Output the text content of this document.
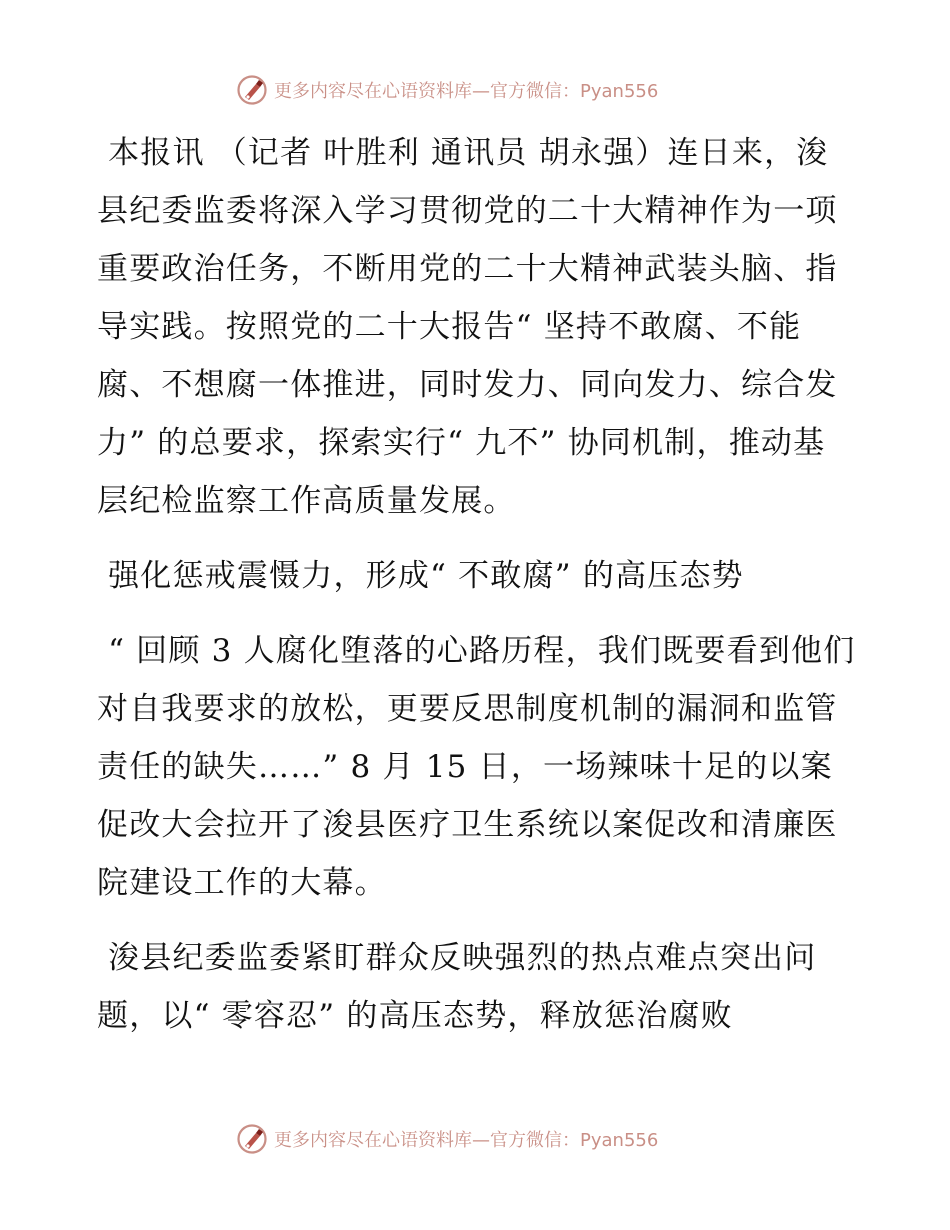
更多内容尽在心语资料库—官方微信：Pyan556

本报讯 （记者 叶胜利 通讯员 胡永强）连日来，浚县纪委监委将深入学习贯彻党的二十大精神作为一项重要政治任务，不断用党的二十大精神武装头脑、指导实践。按照党的二十大报告“ 坚持不敢腐、不能腐、不想腐一体推进，同时发力、同向发力、综合发力” 的总要求，探索实行“ 九不” 协同机制，推动基层纪检监察工作高质量发展。

强化惩戒震慑力，形成“ 不敢腐” 的高压态势

“ 回顾 3 人腐化堕落的心路历程，我们既要看到他们对自我要求的放松，更要反思制度机制的漏洞和监管责任的缺失……” 8 月 15 日，一场辣味十足的以案促改大会拉开了浚县医疗卫生系统以案促改和清廉医院建设工作的大幕。

浚县纪委监委紧盯群众反映强烈的热点难点突出问题，以“ 零容忍” 的高压态势，释放惩治腐败

更多内容尽在心语资料库—官方微信：Pyan556
